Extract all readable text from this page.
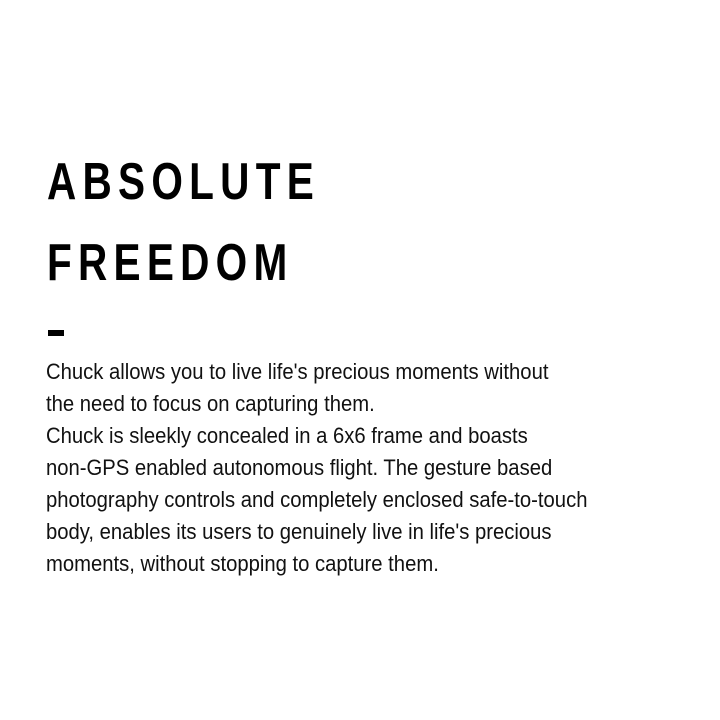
ABSOLUTE
FREEDOM

Chuck allows you to live life's precious moments without

the need to focus on capturing them.

Chuck is sleekly concealed in a 6x6 frame and boasts

non-GPS enabled autonomous flight. The gesture based

photography controls and completely enclosed safe-to-touch

body, enables its users to genuinely live in life's precious

moments, without stopping to capture them.
